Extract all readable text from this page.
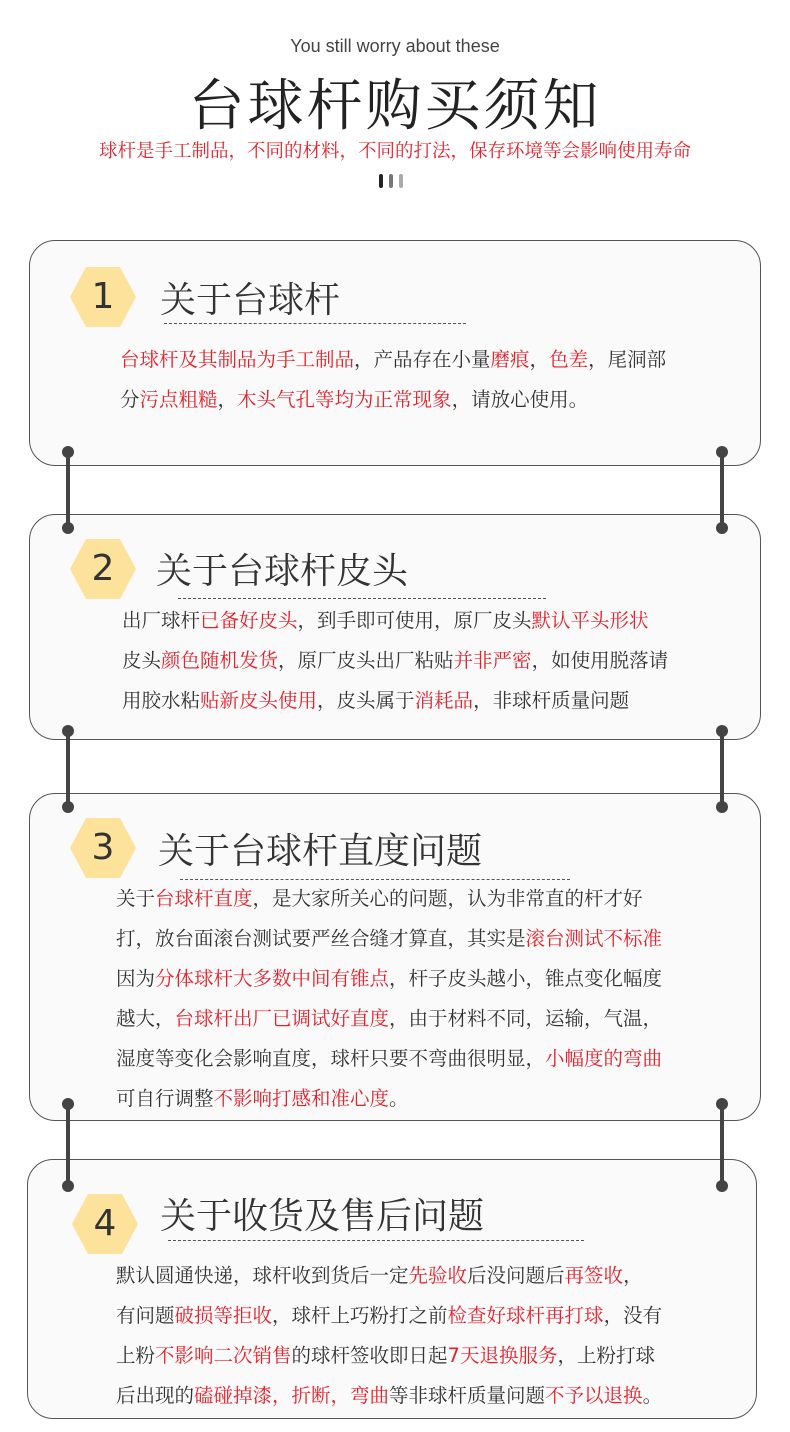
You still worry about these
台球杆购买须知
球杆是手工制品，不同的材料，不同的打法，保存环境等会影响使用寿命
1	关于台球杆

台球杆及其制品为手工制品，产品存在小量磨痕，色差，尾洞部

分污点粗糙，木头气孔等均为正常现象，请放心使用。

2	关于台球杆皮头

出厂球杆已备好皮头，到手即可使用，原厂皮头默认平头形状

皮头颜色随机发货，原厂皮头出厂粘贴并非严密，如使用脱落请

用胶水粘贴新皮头使用，皮头属于消耗品，非球杆质量问题

3	关于台球杆直度问题

关于台球杆直度，是大家所关心的问题，认为非常直的杆才好

打，放台面滚台测试要严丝合缝才算直，其实是滚台测试不标准

因为分体球杆大多数中间有锥点，杆子皮头越小，锥点变化幅度

越大，台球杆出厂已调试好直度，由于材料不同，运输，气温，

湿度等变化会影响直度，球杆只要不弯曲很明显，小幅度的弯曲

可自行调整不影响打感和准心度。

4	关于收货及售后问题

默认圆通快递，球杆收到货后一定先验收后没问题后再签收，

有问题破损等拒收，球杆上巧粉打之前检查好球杆再打球，没有

上粉不影响二次销售的球杆签收即日起7天退换服务，上粉打球

后出现的磕碰掉漆，折断，弯曲等非球杆质量问题不予以退换。
